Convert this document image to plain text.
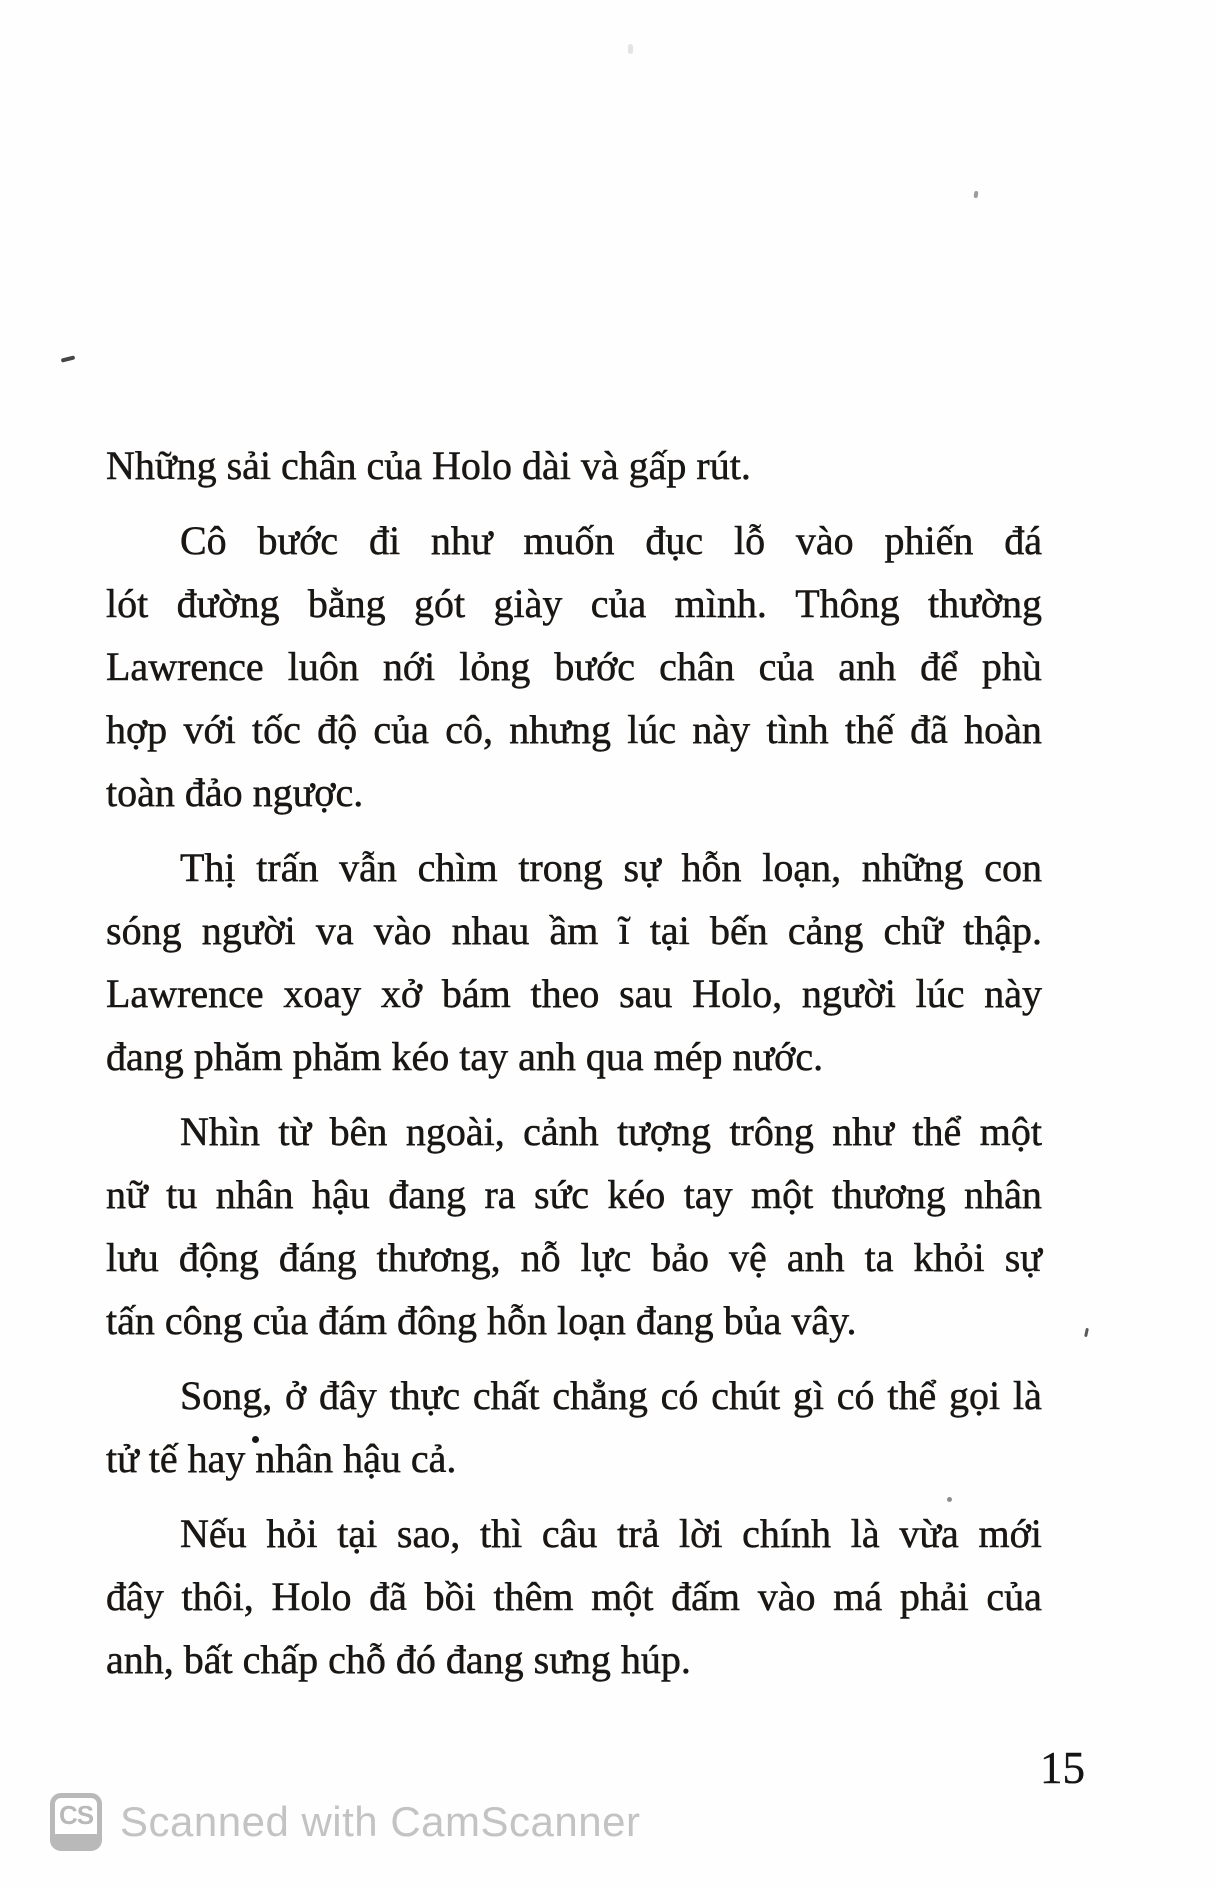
Những sải chân của Holo dài và gấp rút.
Cô bước đi như muốn đục lỗ vào phiến đá
lót đường bằng gót giày của mình. Thông thường
Lawrence luôn nới lỏng bước chân của anh để phù
hợp với tốc độ của cô, nhưng lúc này tình thế đã hoàn
toàn đảo ngược.
Thị trấn vẫn chìm trong sự hỗn loạn, những con
sóng người va vào nhau ầm ĩ tại bến cảng chữ thập.
Lawrence xoay xở bám theo sau Holo, người lúc này
đang phăm phăm kéo tay anh qua mép nước.
Nhìn từ bên ngoài, cảnh tượng trông như thể một
nữ tu nhân hậu đang ra sức kéo tay một thương nhân
lưu động đáng thương, nỗ lực bảo vệ anh ta khỏi sự
tấn công của đám đông hỗn loạn đang bủa vây.
Song, ở đây thực chất chẳng có chút gì có thể gọi là
tử tế hay nhân hậu cả.
Nếu hỏi tại sao, thì câu trả lời chính là vừa mới
đây thôi, Holo đã bồi thêm một đấm vào má phải của
anh, bất chấp chỗ đó đang sưng húp.
15
CS Scanned with CamScanner
